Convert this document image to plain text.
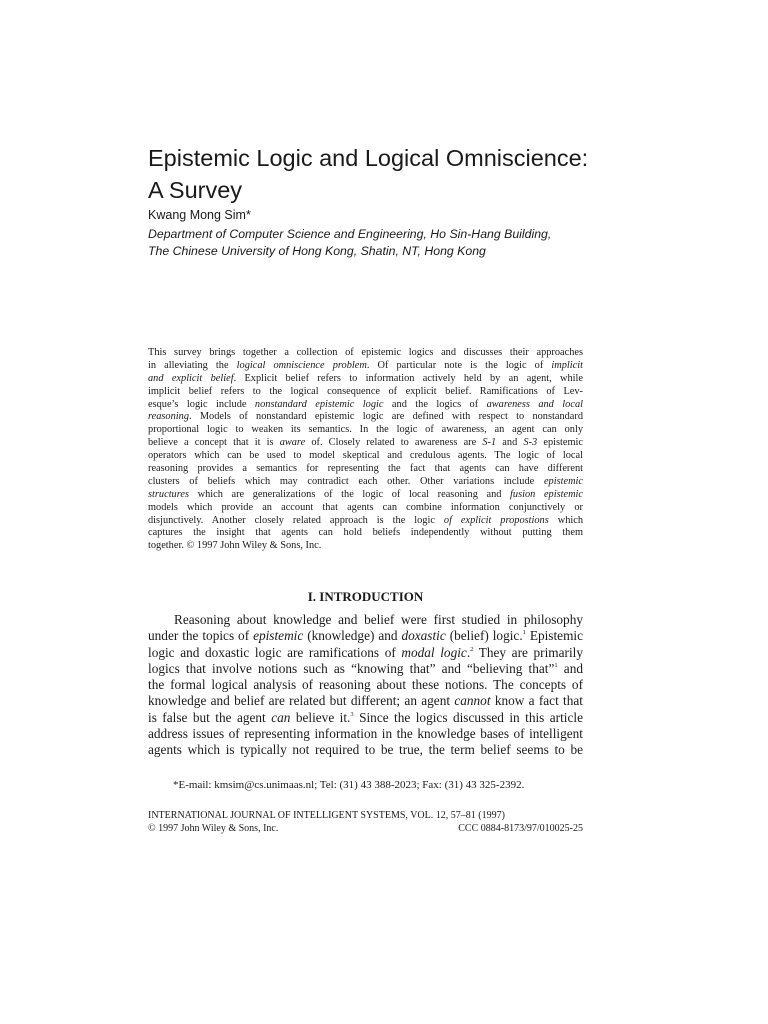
Epistemic Logic and Logical Omniscience:
A Survey
Kwang Mong Sim*
Department of Computer Science and Engineering, Ho Sin-Hang Building,
The Chinese University of Hong Kong, Shatin, NT, Hong Kong
This survey brings together a collection of epistemic logics and discusses their approaches
in alleviating the logical omniscience problem. Of particular note is the logic of implicit
and explicit belief. Explicit belief refers to information actively held by an agent, while
implicit belief refers to the logical consequence of explicit belief. Ramifications of Lev-
esque’s logic include nonstandard epistemic logic and the logics of awareness and local
reasoning. Models of nonstandard epistemic logic are defined with respect to nonstandard
proportional logic to weaken its semantics. In the logic of awareness, an agent can only
believe a concept that it is aware of. Closely related to awareness are S-1 and S-3 epistemic
operators which can be used to model skeptical and credulous agents. The logic of local
reasoning provides a semantics for representing the fact that agents can have different
clusters of beliefs which may contradict each other. Other variations include epistemic
structures which are generalizations of the logic of local reasoning and fusion epistemic
models which provide an account that agents can combine information conjunctively or
disjunctively. Another closely related approach is the logic of explicit propostions which
captures the insight that agents can hold beliefs independently without putting them
together. © 1997 John Wiley & Sons, Inc.
I. INTRODUCTION
Reasoning about knowledge and belief were first studied in philosophy
under the topics of epistemic (knowledge) and doxastic (belief) logic.$^1$ Epistemic
logic and doxastic logic are ramifications of modal logic.$^2$ They are primarily
logics that involve notions such as “knowing that” and “believing that”$^1$ and
the formal logical analysis of reasoning about these notions. The concepts of
knowledge and belief are related but different; an agent cannot know a fact that
is false but the agent can believe it.$^3$ Since the logics discussed in this article
address issues of representing information in the knowledge bases of intelligent
agents which is typically not required to be true, the term belief seems to be
*E-mail: kmsim@cs.unimaas.nl; Tel: (31) 43 388-2023; Fax: (31) 43 325-2392.
INTERNATIONAL JOURNAL OF INTELLIGENT SYSTEMS, VOL. 12, 57–81 (1997)
© 1997 John Wiley & Sons, Inc.	CCC 0884-8173/97/010025-25
